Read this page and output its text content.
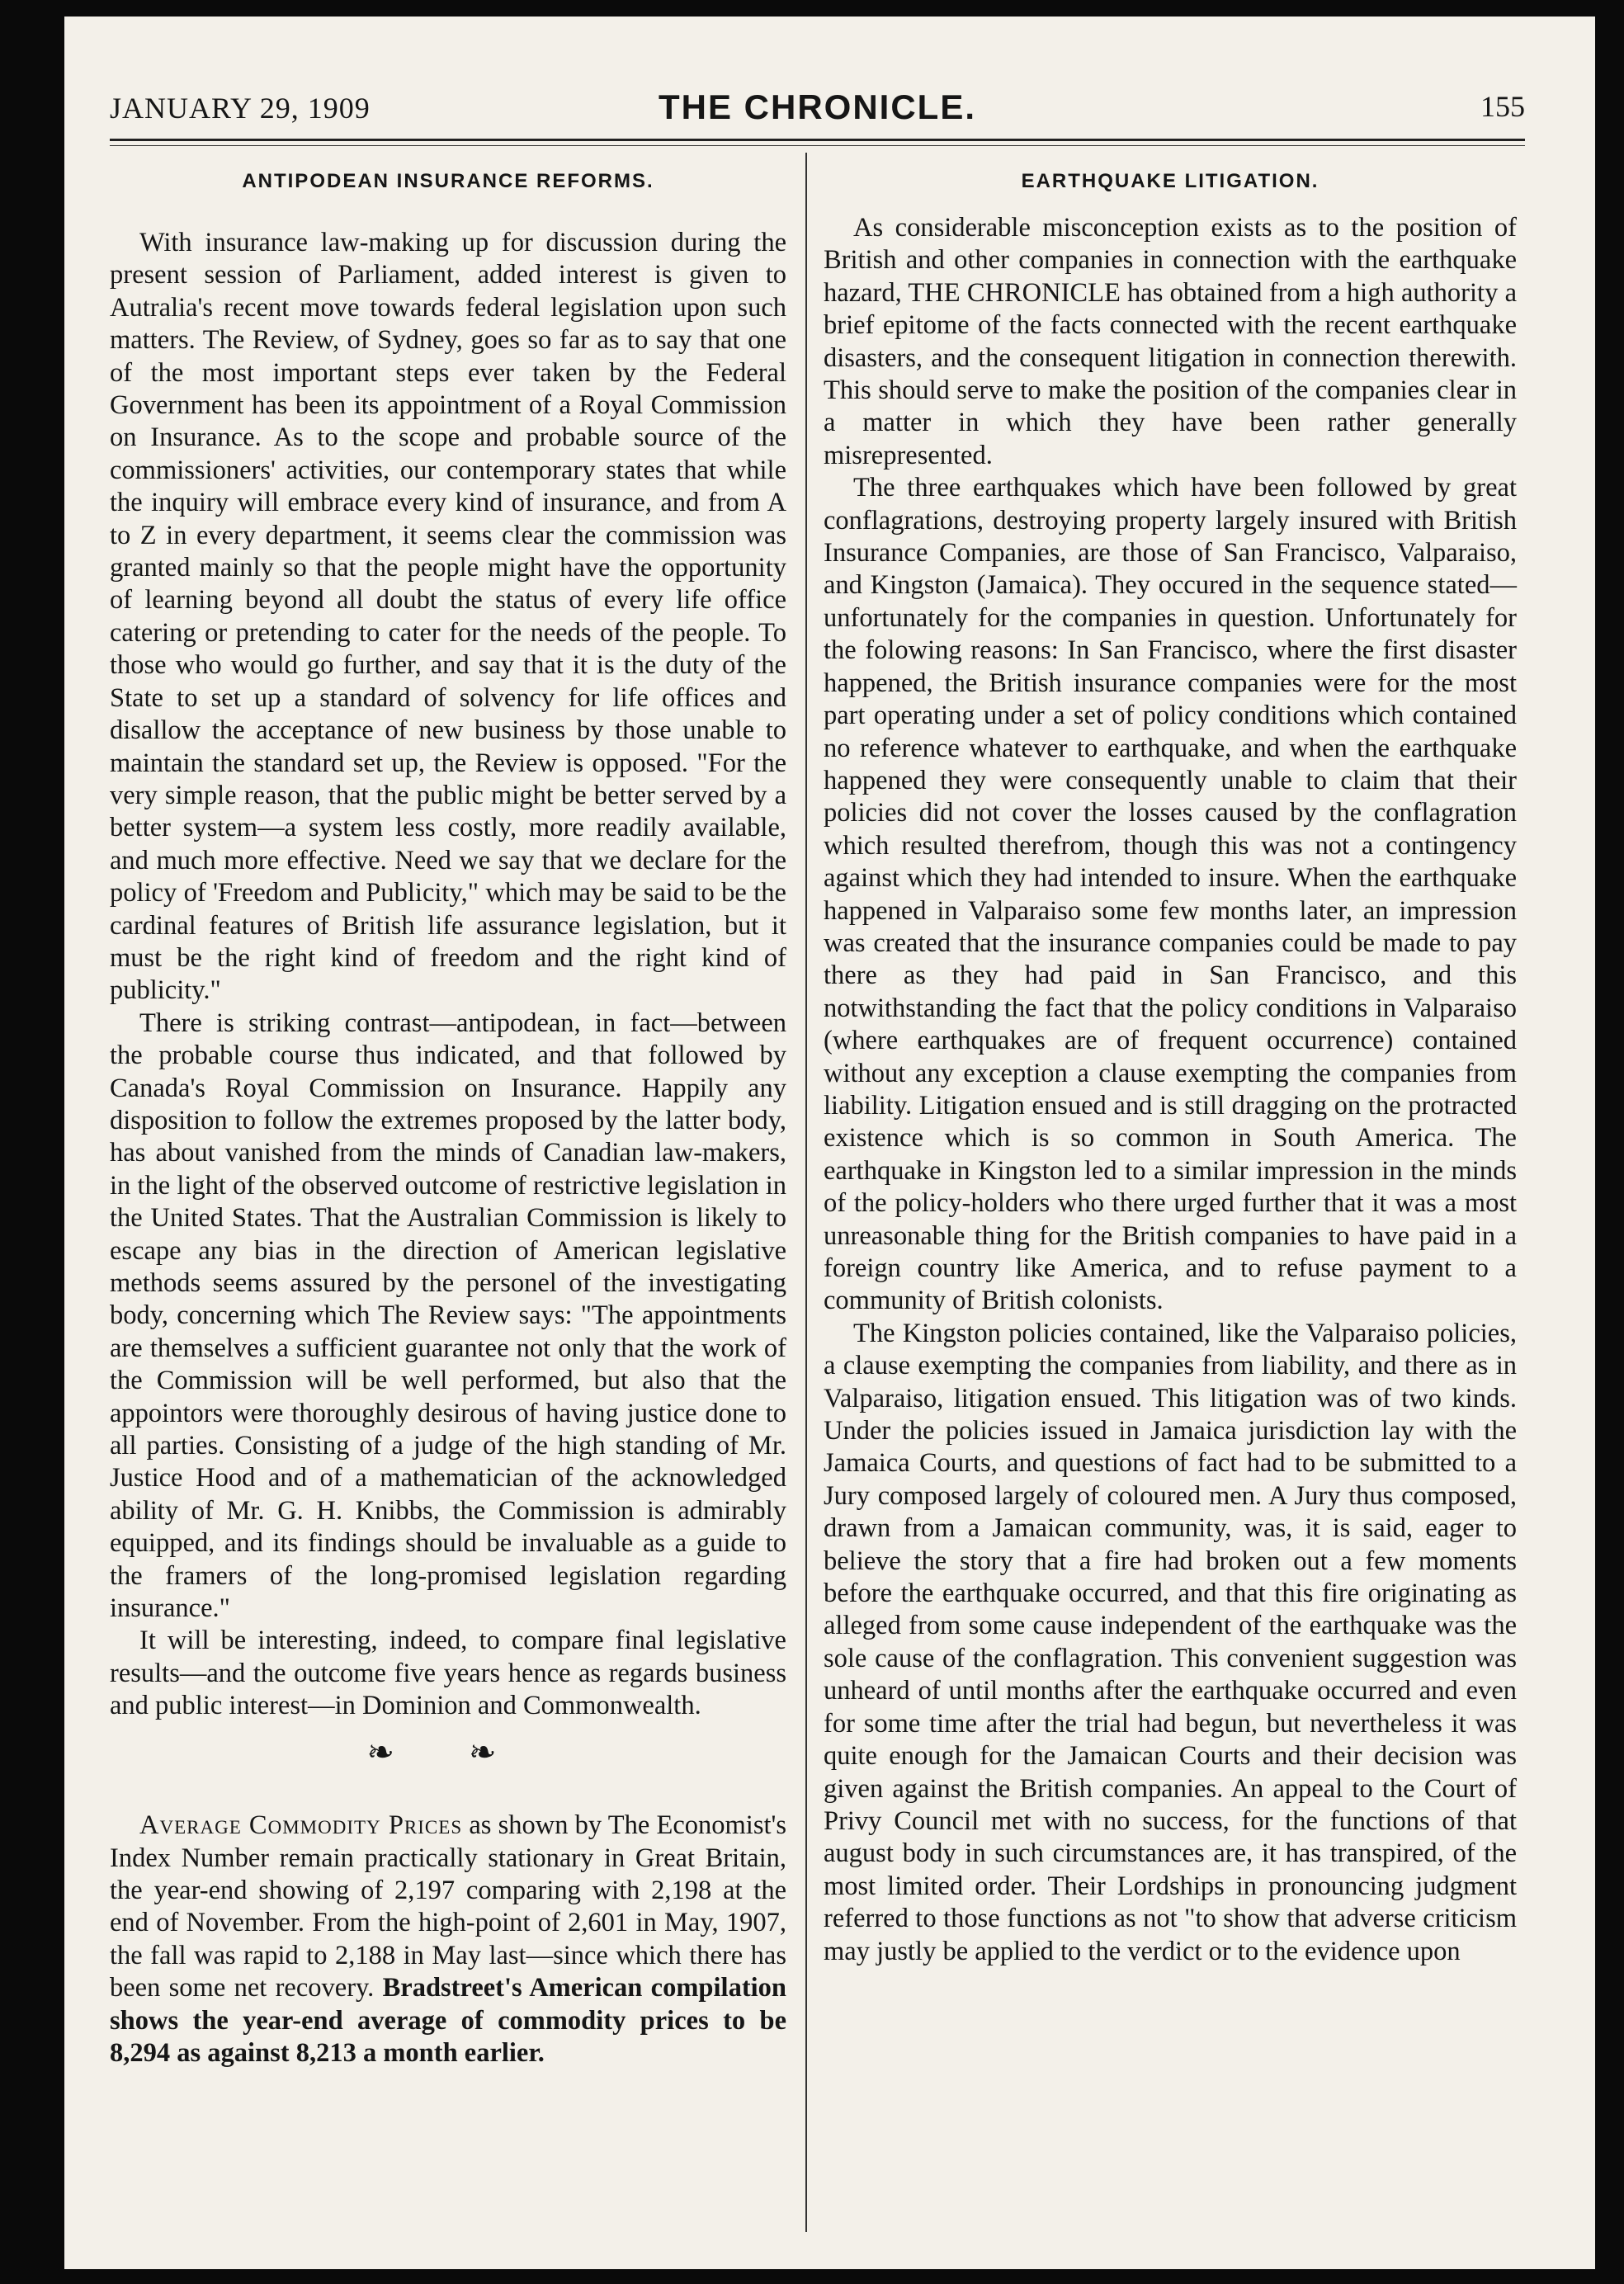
JANUARY 29, 1909	THE CHRONICLE.	155
ANTIPODEAN INSURANCE REFORMS.

With insurance law-making up for discussion during the present session of Parliament, added interest is given to Autralia's recent move towards federal legislation upon such matters. The Review, of Sydney, goes so far as to say that one of the most important steps ever taken by the Federal Government has been its appointment of a Royal Commission on Insurance. As to the scope and probable source of the commissioners' activities, our contemporary states that while the inquiry will embrace every kind of insurance, and from A to Z in every department, it seems clear the commission was granted mainly so that the people might have the opportunity of learning beyond all doubt the status of every life office catering or pretending to cater for the needs of the people. To those who would go further, and say that it is the duty of the State to set up a standard of solvency for life offices and disallow the acceptance of new business by those unable to maintain the standard set up, the Review is opposed. "For the very simple reason, that the public might be better served by a better system—a system less costly, more readily available, and much more effective. Need we say that we declare for the policy of 'Freedom and Publicity," which may be said to be the cardinal features of British life assurance legislation, but it must be the right kind of freedom and the right kind of publicity."

There is striking contrast—antipodean, in fact—between the probable course thus indicated, and that followed by Canada's Royal Commission on Insurance. Happily any disposition to follow the extremes proposed by the latter body, has about vanished from the minds of Canadian law-makers, in the light of the observed outcome of restrictive legislation in the United States. That the Australian Commission is likely to escape any bias in the direction of American legislative methods seems assured by the personel of the investigating body, concerning which The Review says: "The appointments are themselves a sufficient guarantee not only that the work of the Commission will be well performed, but also that the appointors were thoroughly desirous of having justice done to all parties. Consisting of a judge of the high standing of Mr. Justice Hood and of a mathematician of the acknowledged ability of Mr. G. H. Knibbs, the Commission is admirably equipped, and its findings should be invaluable as a guide to the framers of the long-promised legislation regarding insurance."

It will be interesting, indeed, to compare final legislative results—and the outcome five years hence as regards business and public interest—in Dominion and Commonwealth.

❧ ❧

Average Commodity Prices as shown by The Economist's Index Number remain practically stationary in Great Britain, the year-end showing of 2,197 comparing with 2,198 at the end of November. From the high-point of 2,601 in May, 1907, the fall was rapid to 2,188 in May last—since which there has been some net recovery. Bradstreet's American compilation shows the year-end average of commodity prices to be 8,294 as against 8,213 a month earlier.

EARTHQUAKE LITIGATION.

As considerable misconception exists as to the position of British and other companies in connection with the earthquake hazard, THE CHRONICLE has obtained from a high authority a brief epitome of the facts connected with the recent earthquake disasters, and the consequent litigation in connection therewith. This should serve to make the position of the companies clear in a matter in which they have been rather generally misrepresented.

The three earthquakes which have been followed by great conflagrations, destroying property largely insured with British Insurance Companies, are those of San Francisco, Valparaiso, and Kingston (Jamaica). They occured in the sequence stated—unfortunately for the companies in question. Unfortunately for the folowing reasons: In San Francisco, where the first disaster happened, the British insurance companies were for the most part operating under a set of policy conditions which contained no reference whatever to earthquake, and when the earthquake happened they were consequently unable to claim that their policies did not cover the losses caused by the conflagration which resulted therefrom, though this was not a contingency against which they had intended to insure. When the earthquake happened in Valparaiso some few months later, an impression was created that the insurance companies could be made to pay there as they had paid in San Francisco, and this notwithstanding the fact that the policy conditions in Valparaiso (where earthquakes are of frequent occurrence) contained without any exception a clause exempting the companies from liability. Litigation ensued and is still dragging on the protracted existence which is so common in South America. The earthquake in Kingston led to a similar impression in the minds of the policy-holders who there urged further that it was a most unreasonable thing for the British companies to have paid in a foreign country like America, and to refuse payment to a community of British colonists.

The Kingston policies contained, like the Valparaiso policies, a clause exempting the companies from liability, and there as in Valparaiso, litigation ensued. This litigation was of two kinds. Under the policies issued in Jamaica jurisdiction lay with the Jamaica Courts, and questions of fact had to be submitted to a Jury composed largely of coloured men. A Jury thus composed, drawn from a Jamaican community, was, it is said, eager to believe the story that a fire had broken out a few moments before the earthquake occurred, and that this fire originating as alleged from some cause independent of the earthquake was the sole cause of the conflagration. This convenient suggestion was unheard of until months after the earthquake occurred and even for some time after the trial had begun, but nevertheless it was quite enough for the Jamaican Courts and their decision was given against the British companies. An appeal to the Court of Privy Council met with no success, for the functions of that august body in such circumstances are, it has transpired, of the most limited order. Their Lordships in pronouncing judgment referred to those functions as not "to show that adverse criticism may justly be applied to the verdict or to the evidence upon
